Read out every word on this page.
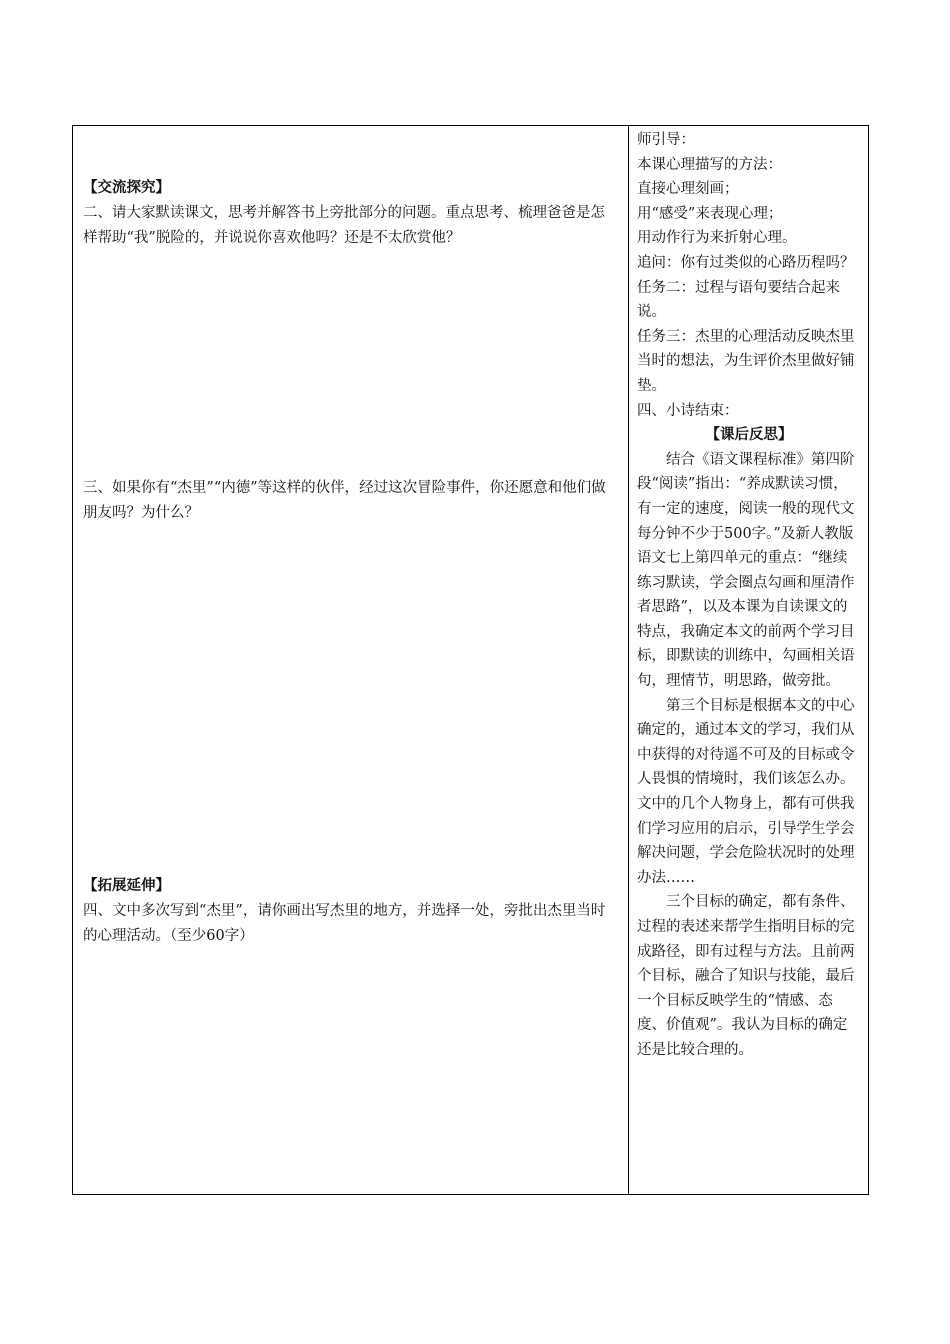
【交流探究】

二、请大家默读课文，思考并解答书上旁批部分的问题。重点思考、梳理爸爸是怎样帮助“我”脱险的，并说说你喜欢他吗？还是不太欣赏他？

三、如果你有“杰里”“内德”等这样的伙伴，经过这次冒险事件，你还愿意和他们做朋友吗？为什么？

【拓展延伸】

四、文中多次写到“杰里”，请你画出写杰里的地方，并选择一处，旁批出杰里当时的心理活动。（至少60字）

师引导：

本课心理描写的方法：

直接心理刻画；

用“感受”来表现心理；

用动作行为来折射心理。

追问：你有过类似的心路历程吗？

任务二：过程与语句要结合起来说。

任务三：杰里的心理活动反映杰里当时的想法，为生评价杰里做好铺垫。

四、小诗结束：

【课后反思】

结合《语文课程标准》第四阶段“阅读”指出：“养成默读习惯，有一定的速度，阅读一般的现代文每分钟不少于500字。”及新人教版语文七上第四单元的重点：“继续练习默读，学会圈点勾画和厘清作者思路”，以及本课为自读课文的特点，我确定本文的前两个学习目标，即默读的训练中，勾画相关语句，理情节，明思路，做旁批。

第三个目标是根据本文的中心确定的，通过本文的学习，我们从中获得的对待遥不可及的目标或令人畏惧的情境时，我们该怎么办。文中的几个人物身上，都有可供我们学习应用的启示，引导学生学会解决问题，学会危险状况时的处理办法……

三个目标的确定，都有条件、过程的表述来帮学生指明目标的完成路径，即有过程与方法。且前两个目标，融合了知识与技能，最后一个目标反映学生的“情感、态度、价值观”。我认为目标的确定还是比较合理的。
